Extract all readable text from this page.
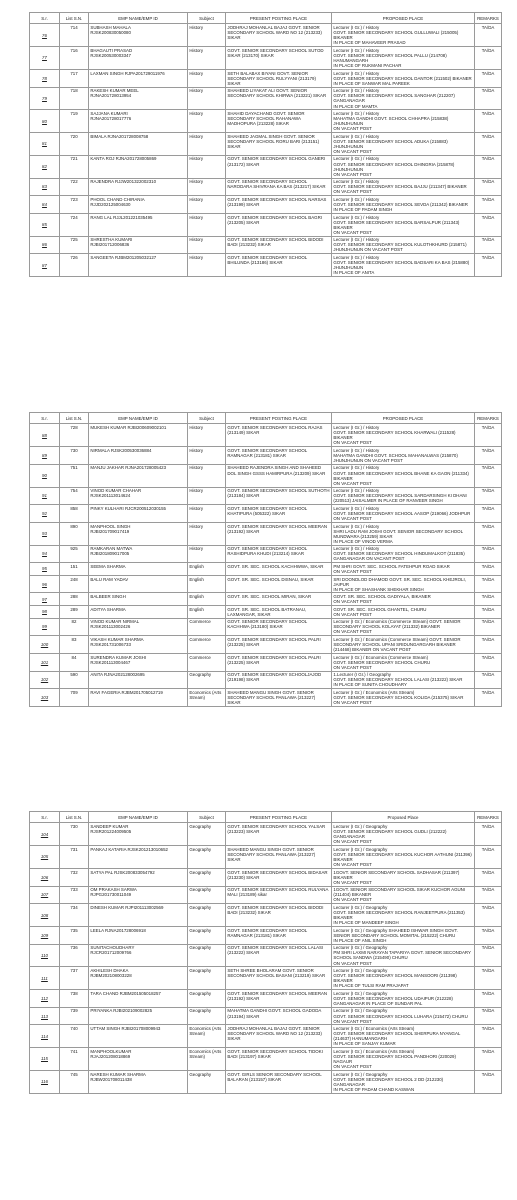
S.r.	List S.N.	EMP NAME/EMP ID	Subject	PRESENT POSTING PLACE	PROPOSED PLACE	REMARKS
76	714	SUBHASH MAHALA
RJSK200830050080	History	JODHRAJ MOHANLAL BAJAJ GOVT. SENIOR SECONDARY SCHOOL WARD NO 12 (213233) SIKAR	Lecturer (I Gr.) / History
GOVT. SENIOR SECONDARY SCHOOL GULLUWALI (215005) BIKANER
IN PLACE OF MAHAVEER PRASAD	TA/DA
77	716	BHAGAUTI PRASAD
RJSK200530003347	History	GOVT. SENIOR SECONDARY SCHOOL SUTOD SIKAR (213170) SIKAR	Lecturer (I Gr.) / History
GOVT. SENIOR SECONDARY SCHOOL PALLU (214708) HANUMANGARH
IN PLACE OF RUKMANI PACHAR	TA/DA
78	717	LAXMAN SINGH RJPA201729011976	History	SETH BALABAX BIYANI GOVT. SENIOR SECONDARY SCHOOL RULYYANI (213179) SIKAR	Lecturer (I Gr.) / History
GOVT. SENIOR SECONDARY SCHOOL DANTOR (211502) BIKANER
IN PLACE OF SANWAR MAL PAREEK	TA/DA
79	718	RAKESH KUMAR MEEL
RJNA201728013954	History	SHAHEED LIYAKAT ALI GOVT. SENIOR SECONDARY SCHOOL KHIRWA (213221) SIKAR	Lecturer (I Gr.) / History
GOVT. SENIOR SECONDARY SCHOOL SANGHAR (212207) GANGANAGAR
IN PLACE OF MAMTA	TA/DA
80	719	SAJJANA KUMARI
RJNA201728017776	History	SHAHID DAYACHAND GOVT. SENIOR SECONDARY SCHOOL RAHANAWA MADHOPURA (213228) SIKAR	Lecturer (I Gr.) / History
MAHATMA GANDHI GOVT. SCHOOL CHHAPRA (215838) JHUNJHUNUN
ON VACANT POST	TA/DA
81	720	BIMALA RJNA201728008758	History	SHAHEED JAGMAL SINGH GOVT. SENIOR SECONDARY SCHOOL RORU BARI (213151) SIKAR	Lecturer (I Gr.) / History
GOVT. SENIOR SECONDARY SCHOOL ADUKA (215883) JHUNJHUNUN
ON VACANT POST	TA/DA
82	721	KANTA ROJ RJNA201728005869	History	GOVT. SENIOR SECONDARY SCHOOL GANERI (213172) SIKAR	Lecturer (I Gr.) / History
GOVT. SENIOR SECONDARY SCHOOL DHINGRIA (215878) JHUNJHUNUN
ON VACANT POST	TA/DA
83	722	RAJENDRA RJJW201322002310	History	GOVT. SENIOR SECONDARY SCHOOL NARODARA SHIVRANA KA BAS (213217) SIKAR	Lecturer (I Gr.) / History
GOVT. SENIOR SECONDARY SCHOOL BAJJU (211347) BIKANER
ON VACANT POST	TA/DA
84	723	PHOOL CHAND CHIRANIA
RJJD202125004630	History	GOVT. SENIOR SECONDARY SCHOOL NARSAS (213199) SIKAR	Lecturer (I Gr.) / History
GOVT. SENIOR SECONDARY SCHOOL SEVDA (211342) BIKANER
IN PLACE OF PADAM SINGH	TA/DA
85	724	RANG LAL RJJL201221035495	History	GOVT. SENIOR SECONDARY SCHOOL BAGRI (213205) SIKAR	Lecturer (I Gr.) / History
GOVT. SENIOR SECONDARY SCHOOL BARSALPUR (211343) BIKANER
ON VACANT POST	TA/DA
86	725	SHRESTHA KUMARI
RJBI201712006836	History	GOVT. SENIOR SECONDARY SCHOOL BIDODI BADI (213232) SIKAR	Lecturer (I Gr.) / History
GOVT. SENIOR SECONDARY SCHOOL KULOTHKHURD (215871) JHUNJHUNUN ON VACANT POST	TA/DA
87	726	SANGEETA RJBM201205032127	History	GOVT. SENIOR SECONDARY SCHOOL BHILUNDA (213186) SIKAR	Lecturer (I Gr.) / History
GOVT. SENIOR SECONDARY SCHOOL BADSARI KA BAS (215880) JHUNJHUNUN
IN PLACE OF ANITA	TA/DA
S.r.	List S.N.	EMP NAME/EMP ID	Subject	PRESENT POSTING PLACE	PROPOSED PLACE	REMARKS
88	728	MUKESH KUMAR RJBI200609002101	History	GOVT. SENIOR SECONDARY SCHOOL RAJAS (213149) SIKAR	Lecturer (I Gr.) / History
GOVT. SENIOR SECONDARY SCHOOL KHARWALI (211528) BIKANER
ON VACANT POST	TA/DA
89	730	NIRMALA RJSK200530036884	History	GOVT. SENIOR SECONDARY SCHOOL RAMNAGAR (213181) SIKAR	Lecturer (I Gr.) / History
MAHATMA GANDHI GOVT. SCHOOL MAHANALWAS (215870) JHUNJHUNUN ON VACANT POST	TA/DA
90	751	MANJU JAKHAR RJNA201728005423	History	SHAHEED RAJENDRA SINGH AND SHAHEED DOL SINGH GSSS HAMIRPURA (213209) SIKAR	Lecturer (I Gr.) / History
GOVT. SENIOR SECONDARY SCHOOL BHANE KA GAON (211334) BIKANER
ON VACANT POST	TA/DA
91	754	VINOD KUMAR CHAHAR
RJSK201113014624	History	GOVT. SENIOR SECONDARY SCHOOL SUTHOTH (213184) SIKAR	Lecturer (I Gr.) / History
GOVT. SENIOR SECONDARY SCHOOL SARDARSINGH KI DHANI (220513) JAISALMER IN PLACE OF RANVEER SINGH	TA/DA
92	858	PINKY KULHARI RJCR200512030155	History	GOVT. SENIOR SECONDARY SCHOOL KHATIPURA (505322) SIKAR	Lecturer (I Gr.) / History
GOVT. SENIOR SECONDARY SCHOOL AASOP (219066) JODHPUR
ON VACANT POST	TA/DA
93	890	MANPHOOL SINGH
RJBI201709017419	History	GOVT. SENIOR SECONDARY SCHOOL MEERAN (213192) SIKAR	Lecturer (I Gr.) / History
SHRI LADU RAM JOSHI GOVT. SENIOR SECONDARY SCHOOL MUNDWARA (213259) SIKAR
IN PLACE OF VINOD VERMA	TA/DA
94	925	RAMKARAN MATWA
RJBI201809017005	History	GOVT. SENIOR SECONDARY SCHOOL RASHIDPURA KHUDI (213214) SIKAR	Lecturer (I Gr.) / History
GOVT. SENIOR SECONDARY SCHOOL HINDUMALKOT (211835) GANGANAGAR ON VACANT POST	TA/DA
95	151	SEEMA SHARMA	English	GOVT. SR. SEC. SCHOOL KACHHWWA, SIKAR	PM SHRI GOVT. SEC. SCHOOL FATEHPUR ROAD SIKAR
ON VACANT POST	TA/DA
96	248	BALU RAM YADAV	English	GOVT. SR. SEC. SCHOOL DISNAU, SIKAR	SRI DOONDLOD DHAMOD GOVT. SR. SEC. SCHOOL KHEJROLI, JAIPUR
IN PLACE OF SHASHANK SHEKHAR SINGH	TA/DA
97	288	BALBEER SINGH	English	GOVT. SR. SEC. SCHOOL MIRAN, SIKAR	GOVT. SR. SEC. SCHOOL GADIYALA, BIKANER
ON VACANT POST	TA/DA
98	289	ADITYA SHARMA	English	GOVT. SR. SEC. SCHOOL BATRANAU, LAXMANGAR, SIKAR	GOVT. SR. SEC. SCHOOL GHANTEL, CHURU
ON VACANT POST	TA/DA
99	82	VINOD KUMAR NIRMAL
RJSK201113002426	Commerce	GOVT. SENIOR SECONDARY SCHOOL KACHHWA (213180) SIKAR	Lecturer (I Gr.) / Economics (Commerce Stream) GOVT. SENIOR SECONDARY SCHOOL KOLAYAT (211332) BIKANER
ON VACANT POST	TA/DA
100	83	VIKASH KUMAR SHARMA
RJSK201731006733	Commerce	GOVT. SENIOR SECONDARY SCHOOL PALRI (213225) SIKAR	Lecturer (I Gr.) / Economics (Commerce Stream) GOVT. SENIOR SECONDARY SCHOOL UPANI SRIDUNGARGARH BIKANER (214468) BIKANER ON VACANT POST	TA/DA
101	84	SURENDRA KUMAR JOSHI
RJSK201113004467	Commerce	GOVT. SENIOR SECONDARY SCHOOL PALRI (213225) SIKAR	Lecturer (I Gr.) / Economics (Commerce Stream)
GOVT. SENIOR SECONDARY SCHOOL CHURU
ON VACANT POST	TA/DA
102	590	ANITA RJNA202128002695	Geography	GOVT. SENIOR SECONDARY SCHOOLJAJOD (219198) SIKAR	1.Lecturer (I Gr.) / Geography
GOVT. SENIOR SECONDARY SCHOOL LALASI (213222) SIKAR
IN PLACE OF SUNITA CHOUDHARY	TA/DA
103	709	RAVI FAGERIA RJBM201705012719	Economics (Arts Stream)	SHAHEED MANGU SINGH GOVT. SENIOR SECONDARY SCHOOL PANLAWA (213227) SIKAR	Lecturer (I Gr.) / Economics (Arts Stream)
GOVT. SENIOR SECONDARY SCHOOL KOLIDA (215375) SIKAR
ON VACANT POST	TA/DA
S.r.	List S.N.	EMP NAME/EMP ID	Subject	PRESENT POSTING PLACE	Proposed Place	REMARKS
104	730	SANDEEP KUMAR
RJSR201224009505	Geography	GOVT. SENIOR SECONDARY SCHOOL YALSAR (213223) SIKAR	Lecturer (I Gr.) / Geography
GOVT. SENIOR SECONDARY SCHOOL GUDLI (212222) GANGANAGAR
ON VACANT POST	TA/DA
105	731	PANKAJ KATARIA RJSK201213010652	Geography	SHAHEED MANGU SINGH GOVT. SENIOR SECONDARY SCHOOL PANLAWA (213227) SIKAR	Lecturer (I Gr.) / Geography
GOVT. SENIOR SECONDARY SCHOOL KUCHOR AATHUNI (211396) BIKANER
ON VACANT POST	TA/DA
106	732	SATYA PAL RJSK200833054792	Geography	GOVT. SENIOR SECONDARY SCHOOL BIDASAR (213230) SIKAR	1GOVT. SENIOR SECONDARY SCHOOL SADHASAR (211397) BIKANER
ON VACANT POST	TA/DA
107	733	OM PRAKASH SARWA
RJPG201730011049	Geography	GOVT. SENIOR SECONDARY SCHOOL RULYANA MALI (213189) sikar	1GOVT. SENIOR SECONDARY SCHOOL SIKAR KUCHOR AGUNI (211404) BIKANER
ON VACANT POST	TA/DA
108	734	DINESH KUMAR RJPI201113002569	Geography	GOVT. SENIOR SECONDARY SCHOOL BIDODI BADI (213232) SIKAR	Lecturer (I Gr.) / Geography
GOVT. SENIOR SECONDARY SCHOOL RANJEETPURA (211353) BIKANER
IN PLACE OF MANDEEP SINGH	TA/DA
109	735	LEELA RJNA201728006918	Geography	GOVT. SENIOR SECONDARY SCHOOL RAMNAGAR (213181) SIKAR	Lecturer (I Gr.) / Geography SHAHEED ISHWAR SINGH GOVT. SENIOR SECONDARY SCHOOL MOMITAL (215222) CHURU
IN PLACE OF ANIL SINGH	TA/DA
110	736	SUNITACHOUDHARY
RJCR201712009766	Geography	GOVT. SENIOR SECONDARY SCHOOL LALASI (213222) SIKAR	Lecturer (I Gr.) / Geography
PM SHRI LAXMI NARAYAN TAPARIYA GOVT. SENIOR SECONDARY SCHOOL SANDWA (215490) CHURU
ON VACANT POST	TA/DA
111	737	AKHILESH DHAKA
RJBM202108003228	Geography	SETH SHREE BHOLARAM GOVT. SENIOR SECONDARY SCHOOL BASANI (213219) SIKAR	Lecturer (I Gr.) / Geography
GOVT. SENIOR SECONDARY SCHOOL MANSOORI (211398) BIKANER
IN PLACE OF TULSI RAM PRAJAPAT	TA/DA
112	738	TARA CHAND RJBM201505018257	Geography	GOVT. SENIOR SECONDARY SCHOOL MEERAN (213192) SIKAR	Lecturer (I Gr.) / Geography
GOVT. SENIOR SECONDARY SCHOOL UDAIPUR (212228) GANGANAGAR IN PLACE OF SUNDAR PAL	TA/DA
113	739	PRIYANKA RJBI202109002825	Geography	MAHATMA GANDHI GOVT. SCHOOL GADODA (213194) SIKAR	Lecturer (I Gr.) / Geography
GOVT. SENIOR SECONDARY SCHOOL LUHARA (215472) CHURU
ON VACANT POST	TA/DA
114	740	UTTAM SINGH RJBI201708009943	Economics (Arts Stream)	JODHRAJ MOHANLAL BAJAJ GOVT. SENIOR SECONDARY SCHOOL WARD NO 12 (213233) SIKAR	Lecturer (I Gr.) / Economics (Arts Stream)
GOVT. SENIOR SECONDARY SCHOOL SHERPURA NYANGAL (214637) HANUMANGARH
IN PLACE OF SANJAY KUMAR	TA/DA
115	741	MANPHOOLKUMAR
RJAJ201208018869	Economics (Arts Stream)	GOVT. SENIOR SECONDARY SCHOOL TIDOKI BADI (213197) SIKAR	Lecturer (I Gr.) / Economics (Arts Stream)
GOVT. SENIOR SECONDARY SCHOOL PANDHORI (220029) NAGAUR
ON VACANT POST	TA/DA
116	745	NARESH KUMAR SHARMA
RJBW201708011438	Geography	GOVT. GIRLS SENIOR SECONDARY SCHOOL BALARAN (213157) SIKAR	Lecturer (I Gr.) / Geography
GOVT. SENIOR SECONDARY SCHOOL 2 DD (212230) GANGANAGAR
IN PLACE OF PADAM CHAND KASWAN	TA/DA
